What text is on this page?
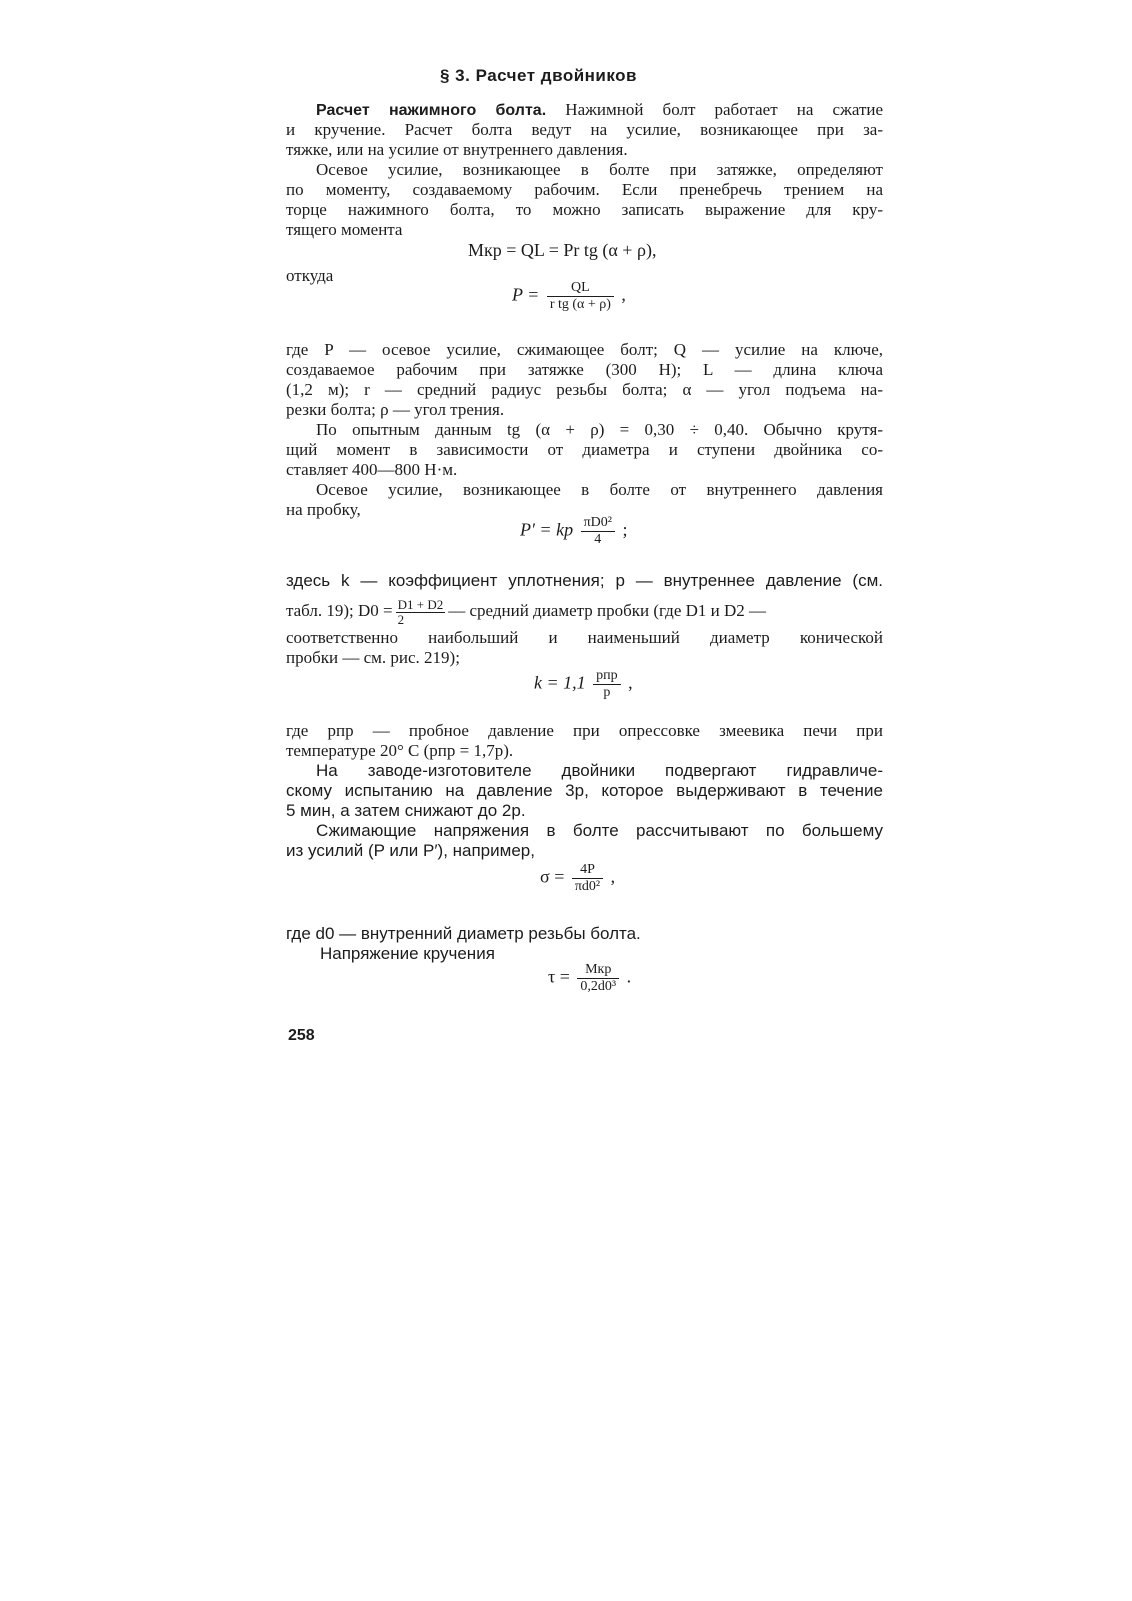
§ 3. Расчет двойников
Расчет нажимного болта. Нажимной болт работает на сжатие
и кручение. Расчет болта ведут на усилие, возникающее при за-
тяжке, или на усилие от внутреннего давления.
Осевое усилие, возникающее в болте при затяжке, определяют
по моменту, создаваемому рабочим. Если пренебречь трением на
торце нажимного болта, то можно записать выражение для кру-
тящего момента
Mкр = QL = Pr tg (α + ρ),
откуда
$P = \frac{QL}{\text{r tg (α + ρ)}}$ ,
где P — осевое усилие, сжимающее болт; Q — усилие на ключе,
создаваемое рабочим при затяжке (300 Н); L — длина ключа
(1,2 м); r — средний радиус резьбы болта; α — угол подъема на-
резки болта; ρ — угол трения.
По опытным данным tg (α + ρ) = 0,30 ÷ 0,40. Обычно крутя-
щий момент в зависимости от диаметра и ступени двойника со-
ставляет 400—800 Н·м.
Осевое усилие, возникающее в болте от внутреннего давления
на пробку,
P′ = kp $\frac{\text{πD0²}}{4}$ ;
здесь k — коэффициент уплотнения; p — внутреннее давление (см.
табл. 19); $D0 = \frac{D1 + D2}{2}$ — средний диаметр пробки (где D1 и D2 —
соответственно наибольший и наименьший диаметр конической
пробки — см. рис. 219);
$k = 1,1 \frac{\text{pпр}}{p}$ ,
где pпр — пробное давление при опрессовке змеевика печи при
температуре 20° С (pпр = 1,7p).
На заводе-изготовителе двойники подвергают гидравличе-
скому испытанию на давление 3p, которое выдерживают в течение
5 мин, а затем снижают до 2p.
Сжимающие напряжения в болте рассчитывают по большему
из усилий (P или P′), например,
$\sigma = \frac{4P}{\text{πd0²}}$ ,
где d0 — внутренний диаметр резьбы болта.
Напряжение кручения
$\tau = \frac{\text{Mкр}}{\text{0,2d0³}}$ .
258
